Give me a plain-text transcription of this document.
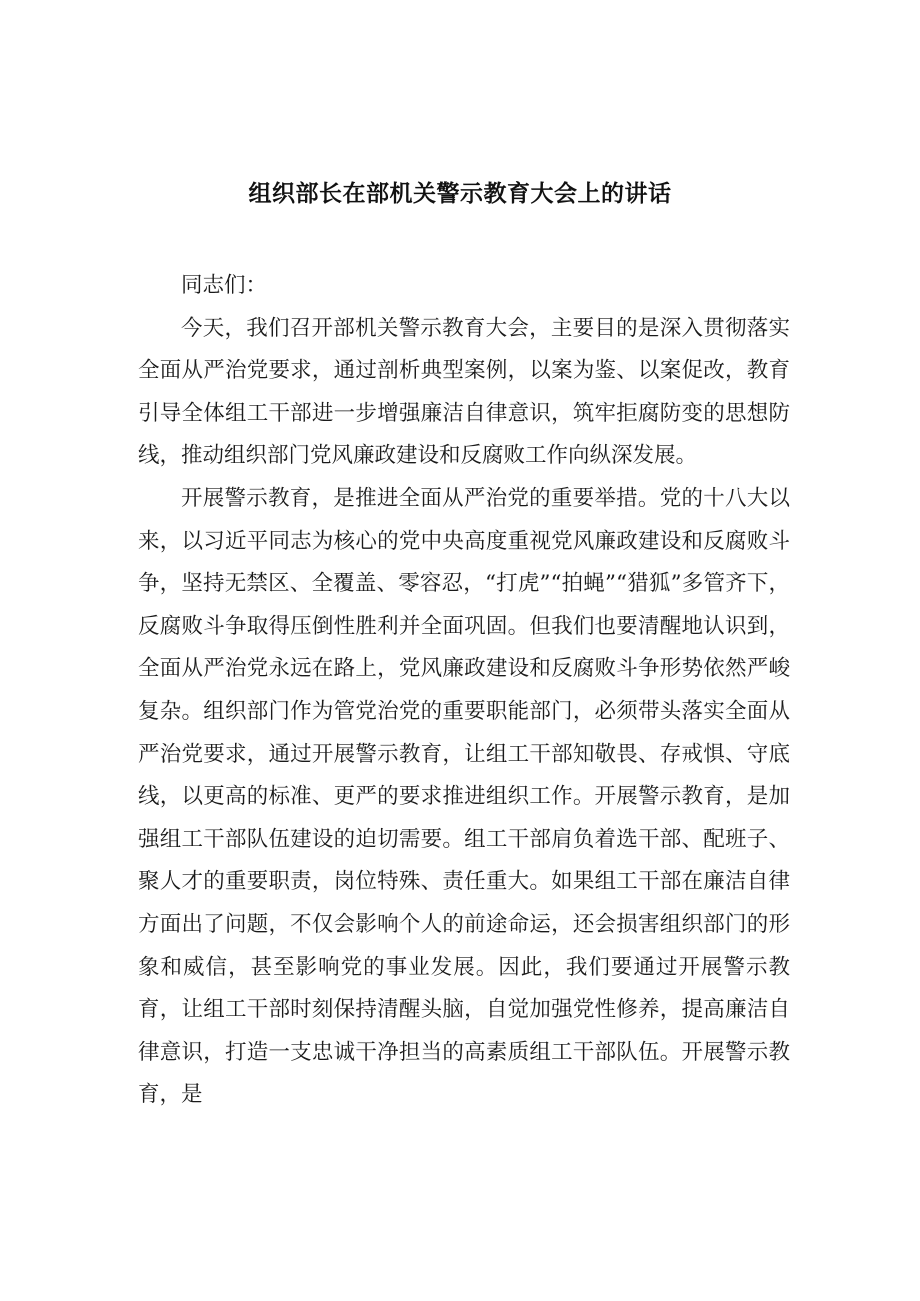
组织部长在部机关警示教育大会上的讲话

同志们：

今天，我们召开部机关警示教育大会，主要目的是深入贯彻落实全面从严治党要求，通过剖析典型案例，以案为鉴、以案促改，教育引导全体组工干部进一步增强廉洁自律意识，筑牢拒腐防变的思想防线，推动组织部门党风廉政建设和反腐败工作向纵深发展。

开展警示教育，是推进全面从严治党的重要举措。党的十八大以来，以习近平同志为核心的党中央高度重视党风廉政建设和反腐败斗争，坚持无禁区、全覆盖、零容忍，“打虎”“拍蝇”“猎狐”多管齐下，反腐败斗争取得压倒性胜利并全面巩固。但我们也要清醒地认识到，全面从严治党永远在路上，党风廉政建设和反腐败斗争形势依然严峻复杂。组织部门作为管党治党的重要职能部门，必须带头落实全面从严治党要求，通过开展警示教育，让组工干部知敬畏、存戒惧、守底线，以更高的标准、更严的要求推进组织工作。开展警示教育，是加强组工干部队伍建设的迫切需要。组工干部肩负着选干部、配班子、聚人才的重要职责，岗位特殊、责任重大。如果组工干部在廉洁自律方面出了问题，不仅会影响个人的前途命运，还会损害组织部门的形象和威信，甚至影响党的事业发展。因此，我们要通过开展警示教育，让组工干部时刻保持清醒头脑，自觉加强党性修养，提高廉洁自律意识，打造一支忠诚干净担当的高素质组工干部队伍。开展警示教育，是
